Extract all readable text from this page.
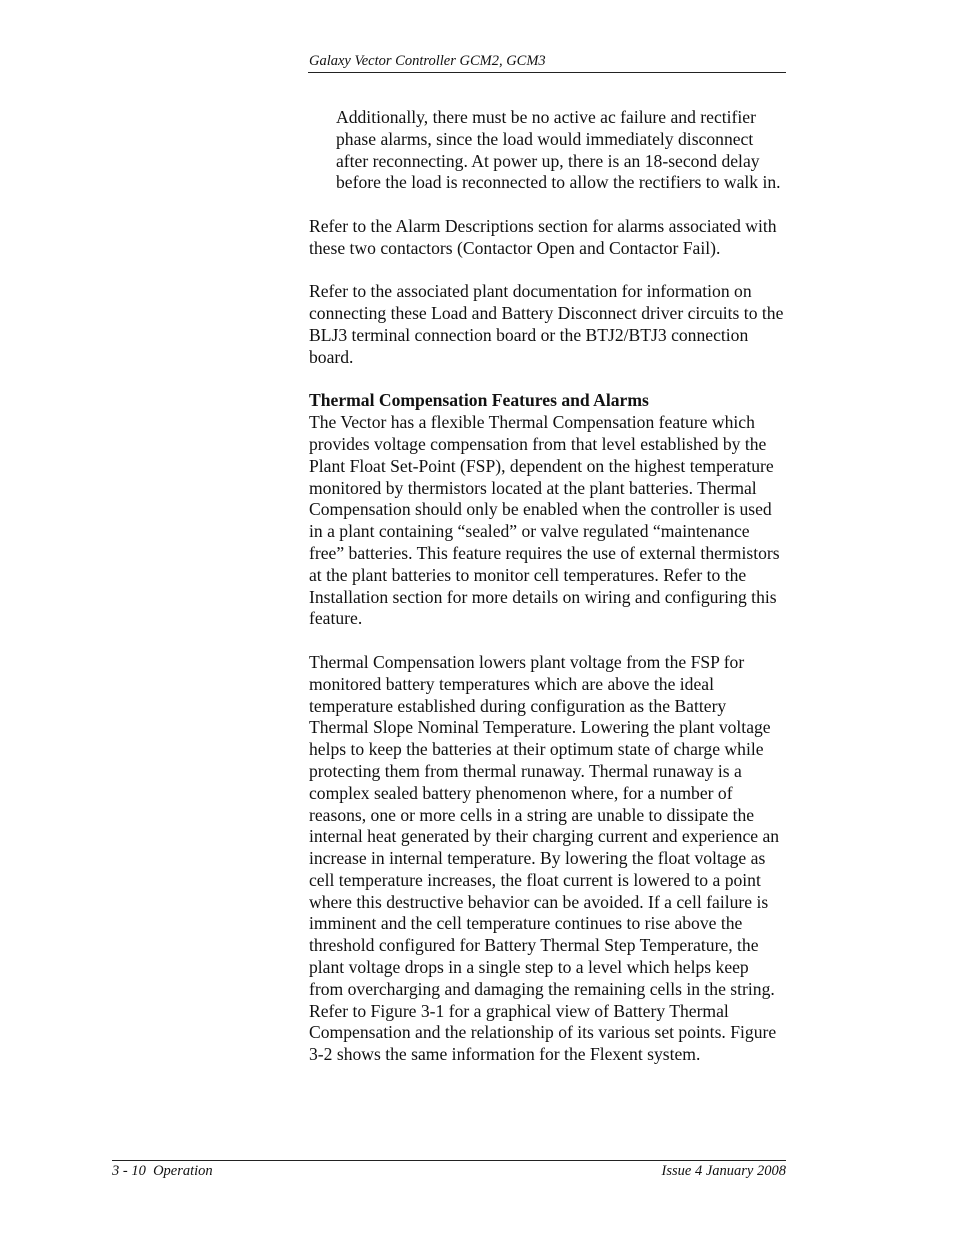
Galaxy Vector Controller GCM2, GCM3

Additionally, there must be no active ac failure and rectifier phase alarms, since the load would immediately disconnect after reconnecting. At power up, there is an 18-second delay before the load is reconnected to allow the rectifiers to walk in.

Refer to the Alarm Descriptions section for alarms associated with these two contactors (Contactor Open and Contactor Fail).

Refer to the associated plant documentation for information on connecting these Load and Battery Disconnect driver circuits to the BLJ3 terminal connection board or the BTJ2/BTJ3 connection board.

Thermal Compensation Features and Alarms

The Vector has a flexible Thermal Compensation feature which provides voltage compensation from that level established by the Plant Float Set-Point (FSP), dependent on the highest temperature monitored by thermistors located at the plant batteries. Thermal Compensation should only be enabled when the controller is used in a plant containing “sealed” or valve regulated “maintenance free” batteries. This feature requires the use of external thermistors at the plant batteries to monitor cell temperatures. Refer to the Installation section for more details on wiring and configuring this feature.

Thermal Compensation lowers plant voltage from the FSP for monitored battery temperatures which are above the ideal temperature established during configuration as the Battery Thermal Slope Nominal Temperature. Lowering the plant voltage helps to keep the batteries at their optimum state of charge while protecting them from thermal runaway. Thermal runaway is a complex sealed battery phenomenon where, for a number of reasons, one or more cells in a string are unable to dissipate the internal heat generated by their charging current and experience an increase in internal temperature. By lowering the float voltage as cell temperature increases, the float current is lowered to a point where this destructive behavior can be avoided. If a cell failure is imminent and the cell temperature continues to rise above the threshold configured for Battery Thermal Step Temperature, the plant voltage drops in a single step to a level which helps keep from overcharging and damaging the remaining cells in the string. Refer to Figure 3-1 for a graphical view of Battery Thermal Compensation and the relationship of its various set points. Figure 3-2 shows the same information for the Flexent system.

3 - 10  Operation	Issue 4 January 2008
